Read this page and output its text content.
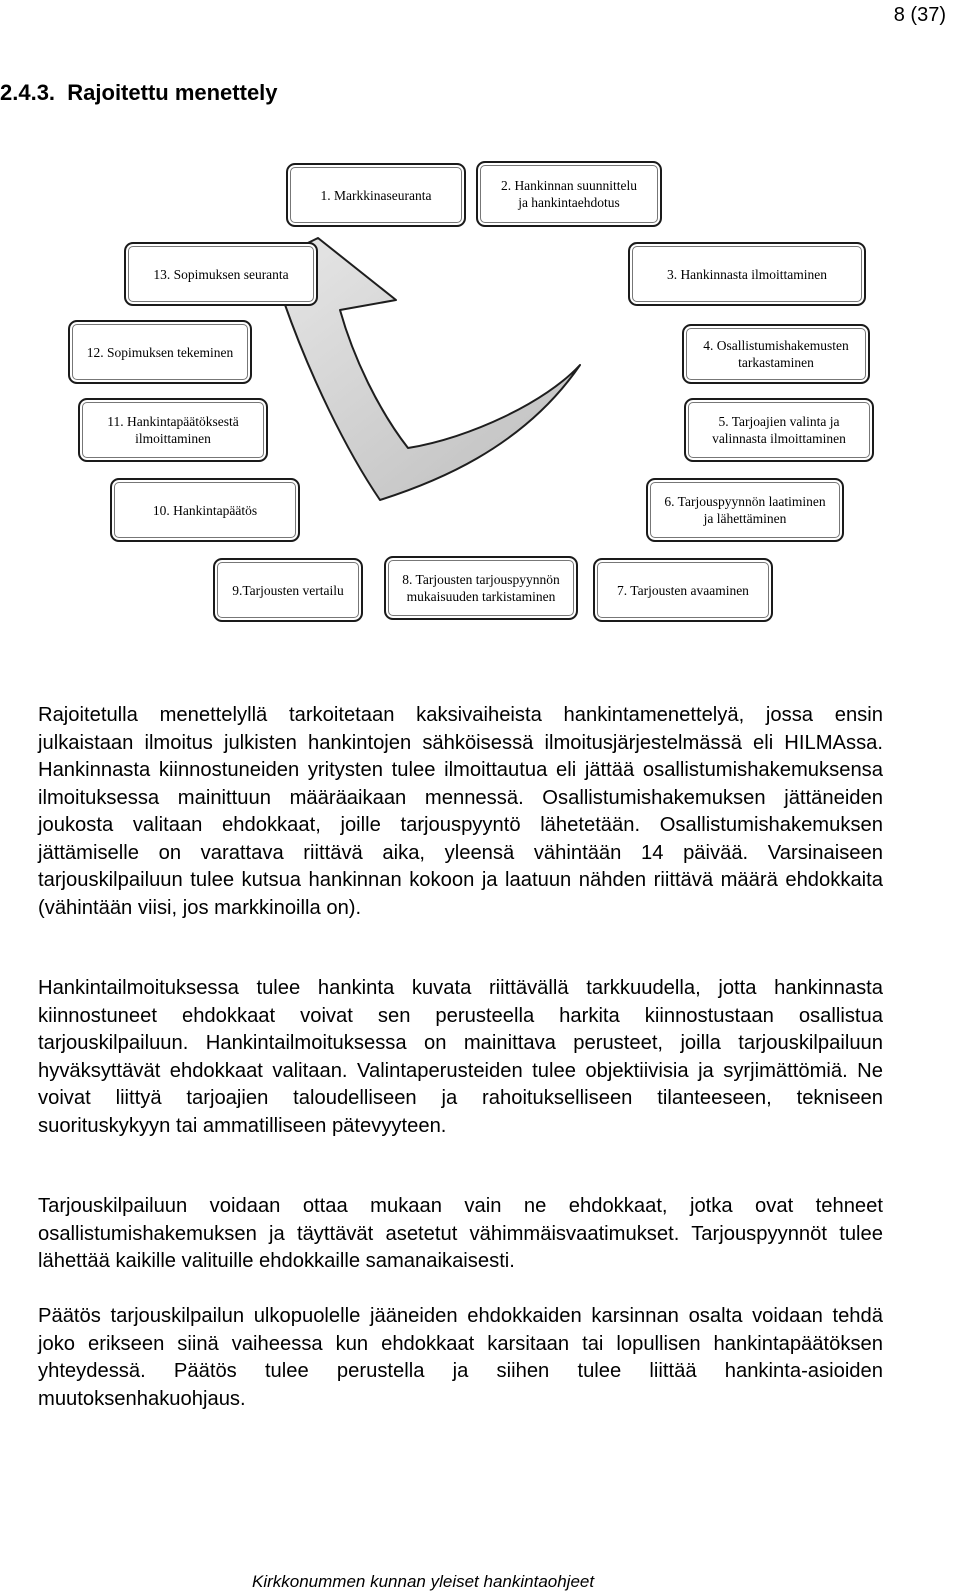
8 (37)
2.4.3.  Rajoitettu menettely
1. Markkinaseuranta
2. Hankinnan suunnittelu
ja hankintaehdotus
3. Hankinnasta ilmoittaminen
4. Osallistumishakemusten
tarkastaminen
5. Tarjoajien valinta ja
valinnasta ilmoittaminen
6. Tarjouspyynnön laatiminen
ja lähettäminen
7. Tarjousten avaaminen
8. Tarjousten tarjouspyynnön
mukaisuuden tarkistaminen
9.Tarjousten vertailu
10. Hankintapäätös
11. Hankintapäätöksestä
ilmoittaminen
12. Sopimuksen tekeminen
13. Sopimuksen seuranta

Rajoitetulla menettelyllä tarkoitetaan kaksivaiheista hankintamenettelyä, jossa ensin julkaistaan ilmoitus julkisten hankintojen sähköisessä ilmoitusjärjestelmässä eli HILMAssa. Hankinnasta kiinnostuneiden yritysten tulee ilmoittautua eli jättää osallistumishakemuksensa ilmoituksessa mainittuun määräaikaan mennessä. Osallistumishakemuksen jättäneiden joukosta valitaan ehdokkaat, joille tarjouspyyntö lähetetään. Osallistumishakemuksen jättämiselle on varattava riittävä aika, yleensä vähintään 14 päivää. Varsinaiseen tarjouskilpailuun tulee kutsua hankinnan kokoon ja laatuun nähden riittävä määrä ehdokkaita (vähintään viisi, jos markkinoilla on).

Hankintailmoituksessa tulee hankinta kuvata riittävällä tarkkuudella, jotta hankinnasta kiinnostuneet ehdokkaat voivat sen perusteella harkita kiinnostustaan osallistua tarjouskilpailuun. Hankintailmoituksessa on mainittava perusteet, joilla tarjouskilpailuun hyväksyttävät ehdokkaat valitaan. Valintaperusteiden tulee objektiivisia ja syrjimättömiä. Ne voivat liittyä tarjoajien taloudelliseen ja rahoitukselliseen tilanteeseen, tekniseen suorituskykyyn tai ammatilliseen pätevyyteen.

Tarjouskilpailuun voidaan ottaa mukaan vain ne ehdokkaat, jotka ovat tehneet osallistumishakemuksen ja täyttävät asetetut vähimmäisvaatimukset. Tarjouspyynnöt tulee lähettää kaikille valituille ehdokkaille samanaikaisesti.

Päätös tarjouskilpailun ulkopuolelle jääneiden ehdokkaiden karsinnan osalta voidaan tehdä joko erikseen siinä vaiheessa kun ehdokkaat karsitaan tai lopullisen hankintapäätöksen yhteydessä. Päätös tulee perustella ja siihen tulee liittää hankinta-asioiden muutoksenhakuohjaus.

Kirkkonummen kunnan yleiset hankintaohjeet
